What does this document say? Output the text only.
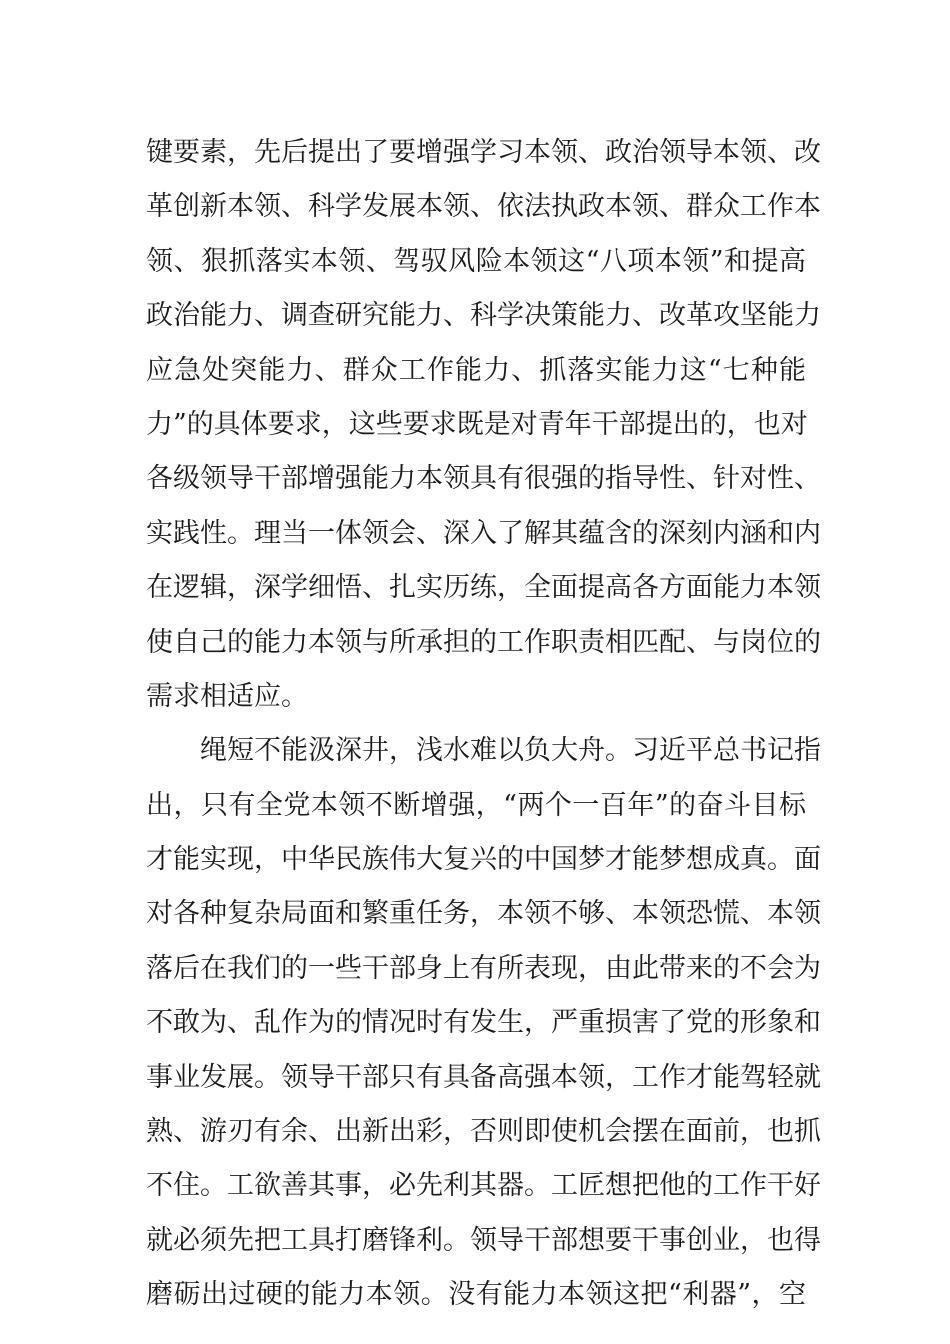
键要素，先后提出了要增强学习本领、政治领导本领、改
革创新本领、科学发展本领、依法执政本领、群众工作本
领、狠抓落实本领、驾驭风险本领这“八项本领”和提高
政治能力、调查研究能力、科学决策能力、改革攻坚能力
应急处突能力、群众工作能力、抓落实能力这“七种能
力”的具体要求，这些要求既是对青年干部提出的，也对
各级领导干部增强能力本领具有很强的指导性、针对性、
实践性。理当一体领会、深入了解其蕴含的深刻内涵和内
在逻辑，深学细悟、扎实历练，全面提高各方面能力本领
使自己的能力本领与所承担的工作职责相匹配、与岗位的
需求相适应。
绳短不能汲深井，浅水难以负大舟。习近平总书记指
出，只有全党本领不断增强，“两个一百年”的奋斗目标
才能实现，中华民族伟大复兴的中国梦才能梦想成真。面
对各种复杂局面和繁重任务，本领不够、本领恐慌、本领
落后在我们的一些干部身上有所表现，由此带来的不会为
不敢为、乱作为的情况时有发生，严重损害了党的形象和
事业发展。领导干部只有具备高强本领，工作才能驾轻就
熟、游刃有余、出新出彩，否则即使机会摆在面前，也抓
不住。工欲善其事，必先利其器。工匠想把他的工作干好
就必须先把工具打磨锋利。领导干部想要干事创业，也得
磨砺出过硬的能力本领。没有能力本领这把“利器”，空
